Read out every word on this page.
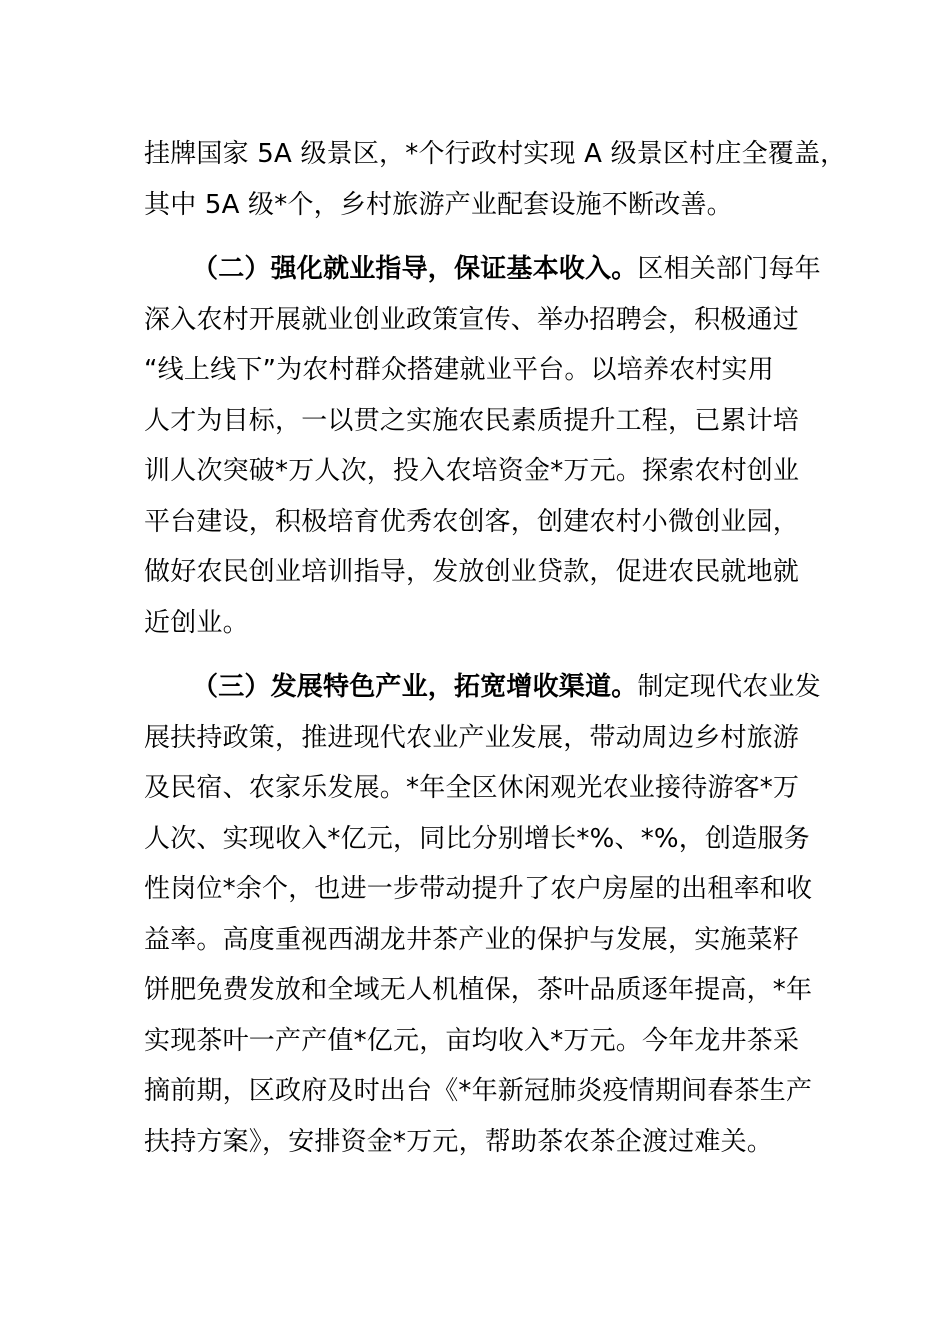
挂牌国家 5A 级景区，*个行政村实现 A 级景区村庄全覆盖，
其中 5A 级*个，乡村旅游产业配套设施不断改善。
（二）强化就业指导，保证基本收入。区相关部门每年
深入农村开展就业创业政策宣传、举办招聘会，积极通过
“线上线下”为农村群众搭建就业平台。以培养农村实用
人才为目标，一以贯之实施农民素质提升工程，已累计培
训人次突破*万人次，投入农培资金*万元。探索农村创业
平台建设，积极培育优秀农创客，创建农村小微创业园，
做好农民创业培训指导，发放创业贷款，促进农民就地就
近创业。
（三）发展特色产业，拓宽增收渠道。制定现代农业发
展扶持政策，推进现代农业产业发展，带动周边乡村旅游
及民宿、农家乐发展。*年全区休闲观光农业接待游客*万
人次、实现收入*亿元，同比分别增长*%、*%，创造服务
性岗位*余个，也进一步带动提升了农户房屋的出租率和收
益率。高度重视西湖龙井茶产业的保护与发展，实施菜籽
饼肥免费发放和全域无人机植保，茶叶品质逐年提高，*年
实现茶叶一产产值*亿元，亩均收入*万元。今年龙井茶采
摘前期，区政府及时出台《*年新冠肺炎疫情期间春茶生产
扶持方案》，安排资金*万元，帮助茶农茶企渡过难关。
